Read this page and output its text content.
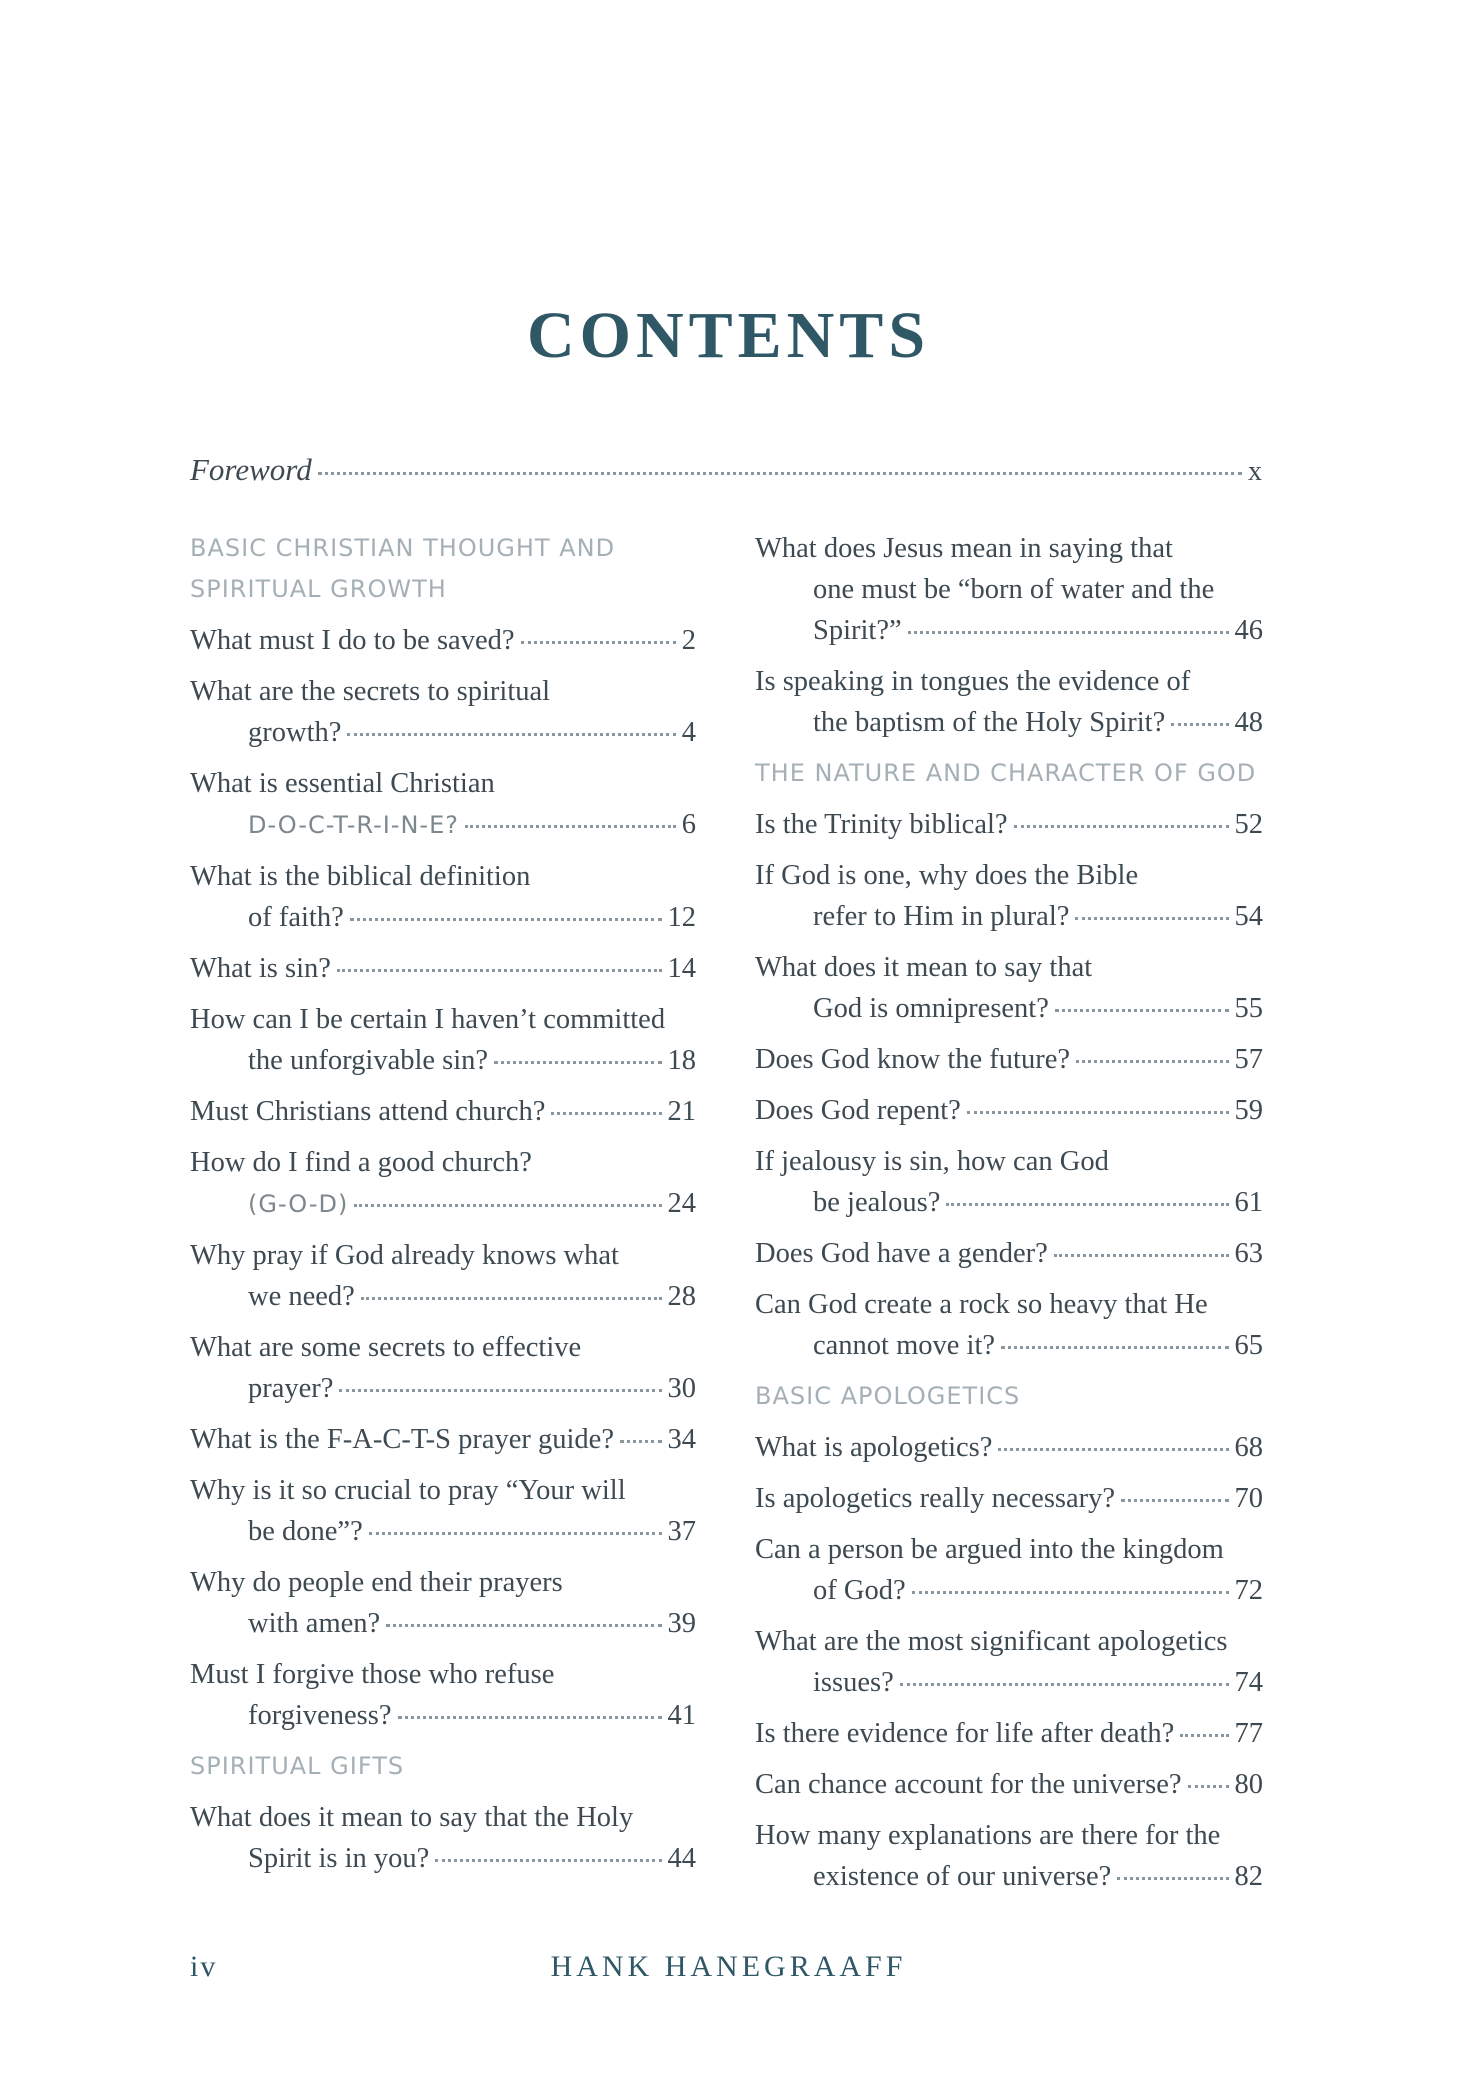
CONTENTS
Foreword	x
BASIC CHRISTIAN THOUGHT AND SPIRITUAL GROWTH
What must I do to be saved?	2
What are the secrets to spiritual
growth?	4
What is essential Christian
D-O-C-T-R-I-N-E?	6
What is the biblical definition
of faith?	12
What is sin?	14
How can I be certain I haven’t committed
the unforgivable sin?	18
Must Christians attend church?	21
How do I find a good church?
(G-O-D)	24
Why pray if God already knows what
we need?	28
What are some secrets to effective
prayer?	30
What is the F-A-C-T-S prayer guide? 34
Why is it so crucial to pray “Your will
be done”?	37
Why do people end their prayers
with amen?	39
Must I forgive those who refuse
forgiveness?	41
SPIRITUAL GIFTS
What does it mean to say that the Holy
Spirit is in you?	44
What does Jesus mean in saying that
one must be “born of water and the
Spirit?”	46
Is speaking in tongues the evidence of
the baptism of the Holy Spirit? 48
THE NATURE AND CHARACTER OF GOD
Is the Trinity biblical?	52
If God is one, why does the Bible
refer to Him in plural?	54
What does it mean to say that
God is omnipresent?	55
Does God know the future?	57
Does God repent?	59
If jealousy is sin, how can God
be jealous?	61
Does God have a gender?	63
Can God create a rock so heavy that He
cannot move it?	65
BASIC APOLOGETICS
What is apologetics?	68
Is apologetics really necessary?	70
Can a person be argued into the kingdom
of God?	72
What are the most significant apologetics
issues?	74
Is there evidence for life after death? 77
Can chance account for the universe? 80
How many explanations are there for the
existence of our universe?	82
iv	HANK HANEGRAAFF
